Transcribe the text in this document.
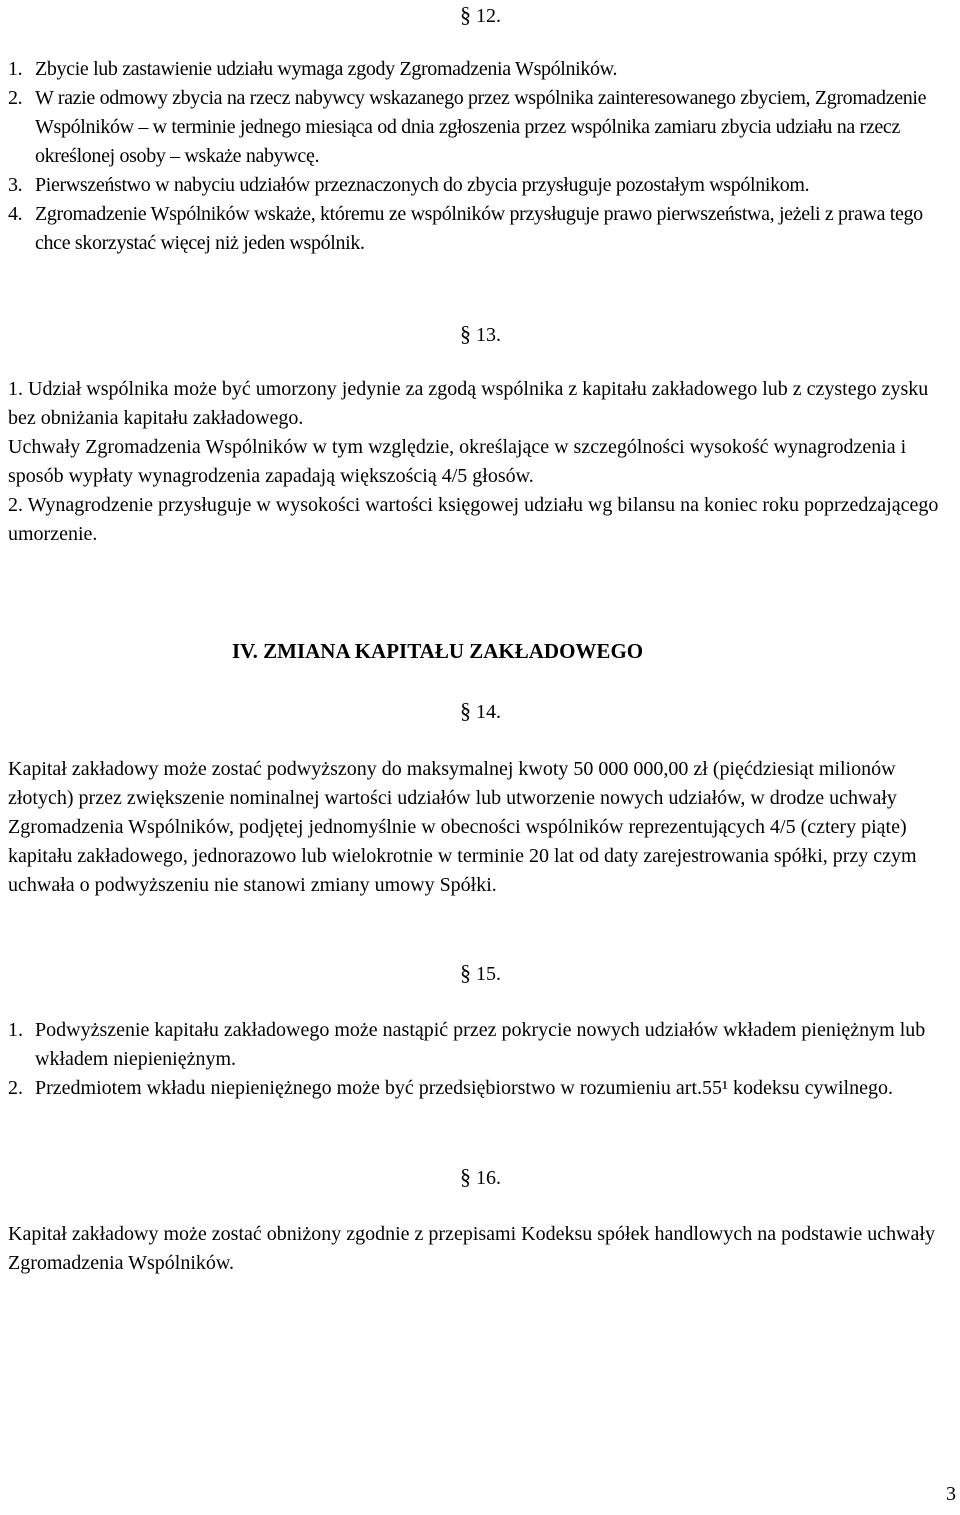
§ 12.
1. Zbycie lub zastawienie udziału wymaga zgody Zgromadzenia Wspólników.
2. W razie odmowy zbycia na rzecz nabywcy wskazanego przez wspólnika zainteresowanego zbyciem, Zgromadzenie Wspólników – w terminie jednego miesiąca od dnia zgłoszenia przez wspólnika zamiaru zbycia udziału na rzecz określonej osoby – wskaże nabywcę.
3. Pierwszeństwo w nabyciu udziałów przeznaczonych do zbycia przysługuje pozostałym wspólnikom.
4. Zgromadzenie Wspólników wskaże, któremu ze wspólników przysługuje prawo pierwszeństwa, jeżeli z prawa tego chce skorzystać więcej niż jeden wspólnik.
§ 13.
1. Udział wspólnika może być umorzony jedynie za zgodą wspólnika z kapitału zakładowego lub z czystego zysku bez obniżania kapitału zakładowego.
Uchwały Zgromadzenia Wspólników w tym względzie, określające w szczególności wysokość wynagrodzenia i sposób wypłaty wynagrodzenia zapadają większością 4/5 głosów.
2. Wynagrodzenie przysługuje w wysokości wartości księgowej udziału wg bilansu na koniec roku poprzedzającego umorzenie.
IV. ZMIANA KAPITAŁU ZAKŁADOWEGO
§ 14.
Kapitał zakładowy może zostać podwyższony do maksymalnej kwoty 50 000 000,00 zł (pięćdziesiąt milionów złotych) przez zwiększenie nominalnej wartości udziałów lub utworzenie nowych udziałów, w drodze uchwały Zgromadzenia Wspólników, podjętej jednomyślnie w obecności wspólników reprezentujących 4/5 (cztery piąte) kapitału zakładowego, jednorazowo lub wielokrotnie w terminie 20 lat od daty zarejestrowania spółki, przy czym uchwała o podwyższeniu nie stanowi zmiany umowy Spółki.
§ 15.
1. Podwyższenie kapitału zakładowego może nastąpić przez pokrycie nowych udziałów wkładem pieniężnym lub wkładem niepieniężnym.
2. Przedmiotem wkładu niepieniężnego może być przedsiębiorstwo w rozumieniu art.55¹ kodeksu cywilnego.
§ 16.
Kapitał zakładowy może zostać obniżony zgodnie z przepisami Kodeksu spółek handlowych na podstawie uchwały Zgromadzenia Wspólników.
3
